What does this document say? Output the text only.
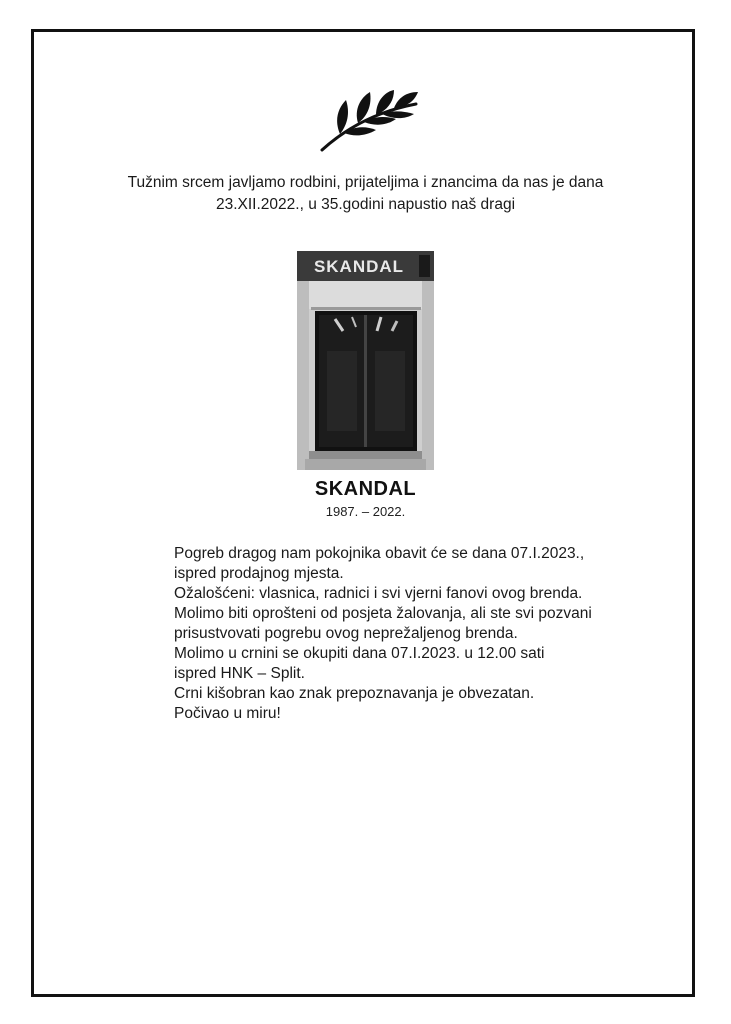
Tužnim srcem javljamo rodbini, prijateljima i znancima da nas je dana
23.XII.2022., u 35.godini napustio naš dragi
SKANDAL
SKANDAL
1987. – 2022.
Pogreb dragog nam pokojnika obavit će se dana 07.I.2023.,
ispred prodajnog mjesta.
Ožalošćeni: vlasnica, radnici i svi vjerni fanovi ovog brenda.
Molimo biti oprošteni od posjeta žalovanja, ali ste svi pozvani
prisustvovati pogrebu ovog neprežaljenog brenda.
Molimo u crnini se okupiti dana 07.I.2023. u 12.00 sati
ispred HNK – Split.
Crni kišobran kao znak prepoznavanja je obvezatan.
Počivao u miru!
